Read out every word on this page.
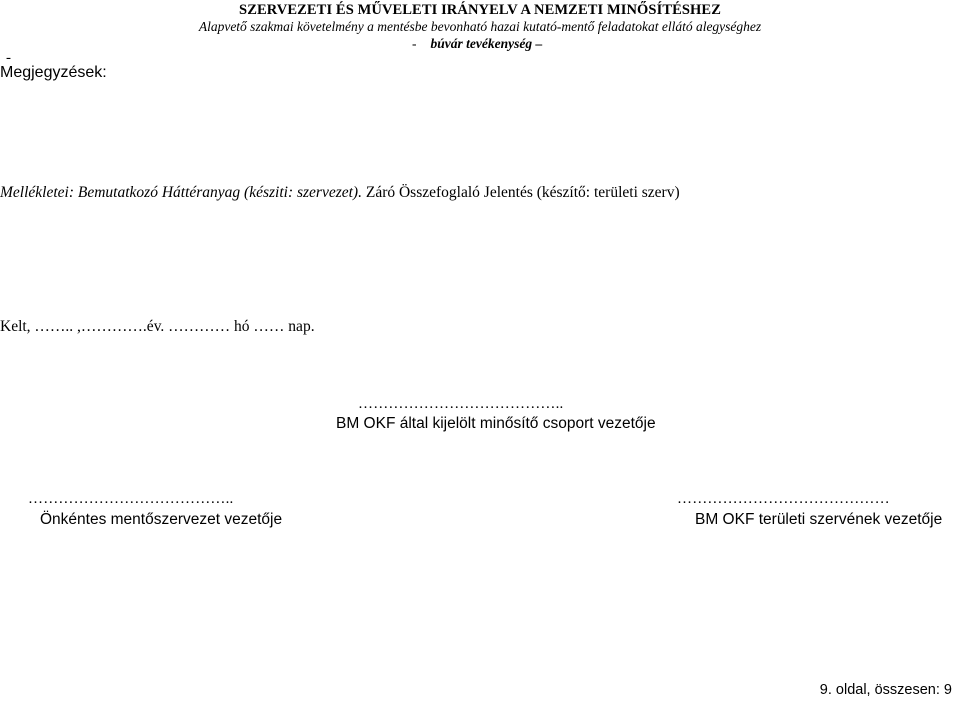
SZERVEZETI ÉS MŰVELETI IRÁNYELV A NEMZETI MINŐSÍTÉSHEZ
Alapvető szakmai követelmény a mentésbe bevonható hazai kutató-mentő feladatokat ellátó alegységhez
- búvár tevékenység –
-
Megjegyzések:
Mellékletei: Bemutatkozó Háttéranyag (késziti: szervezet). Záró Összefoglaló Jelentés (készítő: területi szerv)
Kelt, …….. ,………….év. ………… hó …… nap.
…………………………………..
BM OKF által kijelölt minősítő csoport vezetője
…………………………………..
Önkéntes mentőszervezet vezetője
……………………………………
BM OKF területi szervének vezetője
9. oldal, összesen: 9
